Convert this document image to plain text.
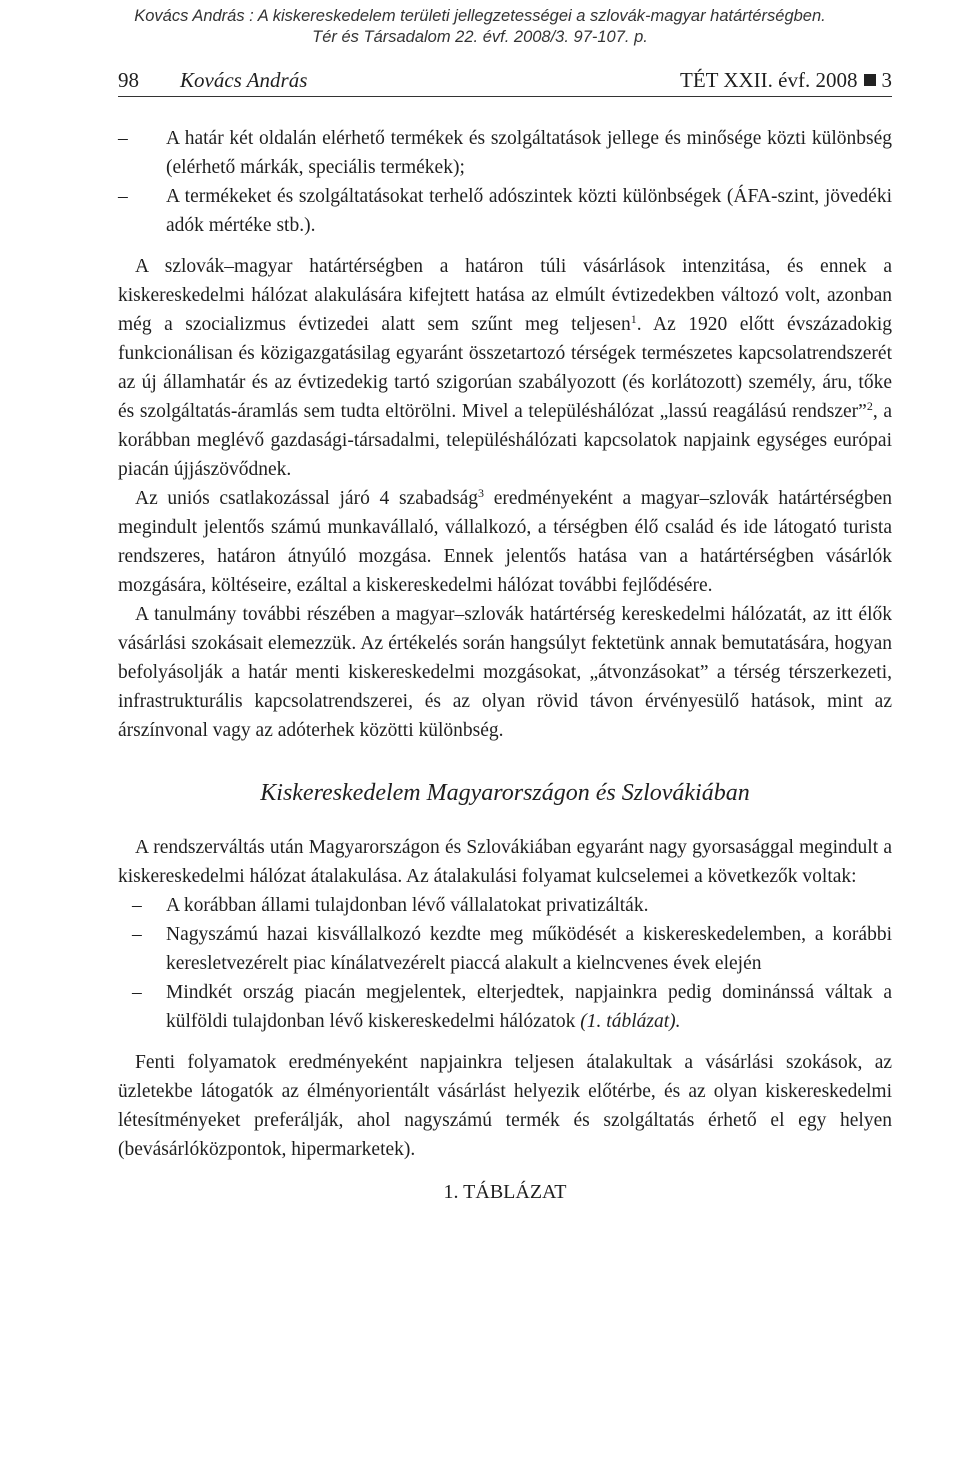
Kovács András : A kiskereskedelem területi jellegzetességei a szlovák-magyar határtérségben.
Tér és Társadalom 22. évf. 2008/3. 97-107. p.
98 Kovács András	TÉT XXII. évf. 2008 3
– A határ két oldalán elérhető termékek és szolgáltatások jellege és minősége közti különbség (elérhető márkák, speciális termékek);
– A termékeket és szolgáltatásokat terhelő adószintek közti különbségek (ÁFA-szint, jövedéki adók mértéke stb.).

A szlovák–magyar határtérségben a határon túli vásárlások intenzitása, és ennek a kiskereskedelmi hálózat alakulására kifejtett hatása az elmúlt évtizedekben változó volt, azonban még a szocializmus évtizedei alatt sem szűnt meg teljesen$^1$. Az 1920 előtt évszázadokig funkcionálisan és közigazgatásilag egyaránt összetartozó térségek természetes kapcsolatrendszerét az új államhatár és az évtizedekig tartó szigorúan szabályozott (és korlátozott) személy, áru, tőke és szolgáltatás-áramlás sem tudta eltörölni. Mivel a településhálózat „lassú reagálású rendszer”$^2$, a korábban meglévő gazdasági-társadalmi, településhálózati kapcsolatok napjaink egységes európai piacán újjászövődnek.

Az uniós csatlakozással járó 4 szabadság$^3$ eredményeként a magyar–szlovák határtérségben megindult jelentős számú munkavállaló, vállalkozó, a térségben élő család és ide látogató turista rendszeres, határon átnyúló mozgása. Ennek jelentős hatása van a határtérségben vásárlók mozgására, költéseire, ezáltal a kiskereskedelmi hálózat további fejlődésére.

A tanulmány további részében a magyar–szlovák határtérség kereskedelmi hálózatát, az itt élők vásárlási szokásait elemezzük. Az értékelés során hangsúlyt fektetünk annak bemutatására, hogyan befolyásolják a határ menti kiskereskedelmi mozgásokat, „átvonzásokat” a térség térszerkezeti, infrastrukturális kapcsolatrendszerei, és az olyan rövid távon érvényesülő hatások, mint az árszínvonal vagy az adóterhek közötti különbség.

Kiskereskedelem Magyarországon és Szlovákiában

A rendszerváltás után Magyarországon és Szlovákiában egyaránt nagy gyorsasággal megindult a kiskereskedelmi hálózat átalakulása. Az átalakulási folyamat kulcselemei a következők voltak:

– A korábban állami tulajdonban lévő vállalatokat privatizálták.
– Nagyszámú hazai kisvállalkozó kezdte meg működését a kiskereskedelemben, a korábbi keresletvezérelt piac kínálatvezérelt piaccá alakult a kielncvenes évek elején
– Mindkét ország piacán megjelentek, elterjedtek, napjainkra pedig dominánssá váltak a külföldi tulajdonban lévő kiskereskedelmi hálózatok (1. táblázat).

Fenti folyamatok eredményeként napjainkra teljesen átalakultak a vásárlási szokások, az üzletekbe látogatók az élményorientált vásárlást helyezik előtérbe, és az olyan kiskereskedelmi létesítményeket preferálják, ahol nagyszámú termék és szolgáltatás érhető el egy helyen (bevásárlóközpontok, hipermarketek).

1. TÁBLÁZAT
